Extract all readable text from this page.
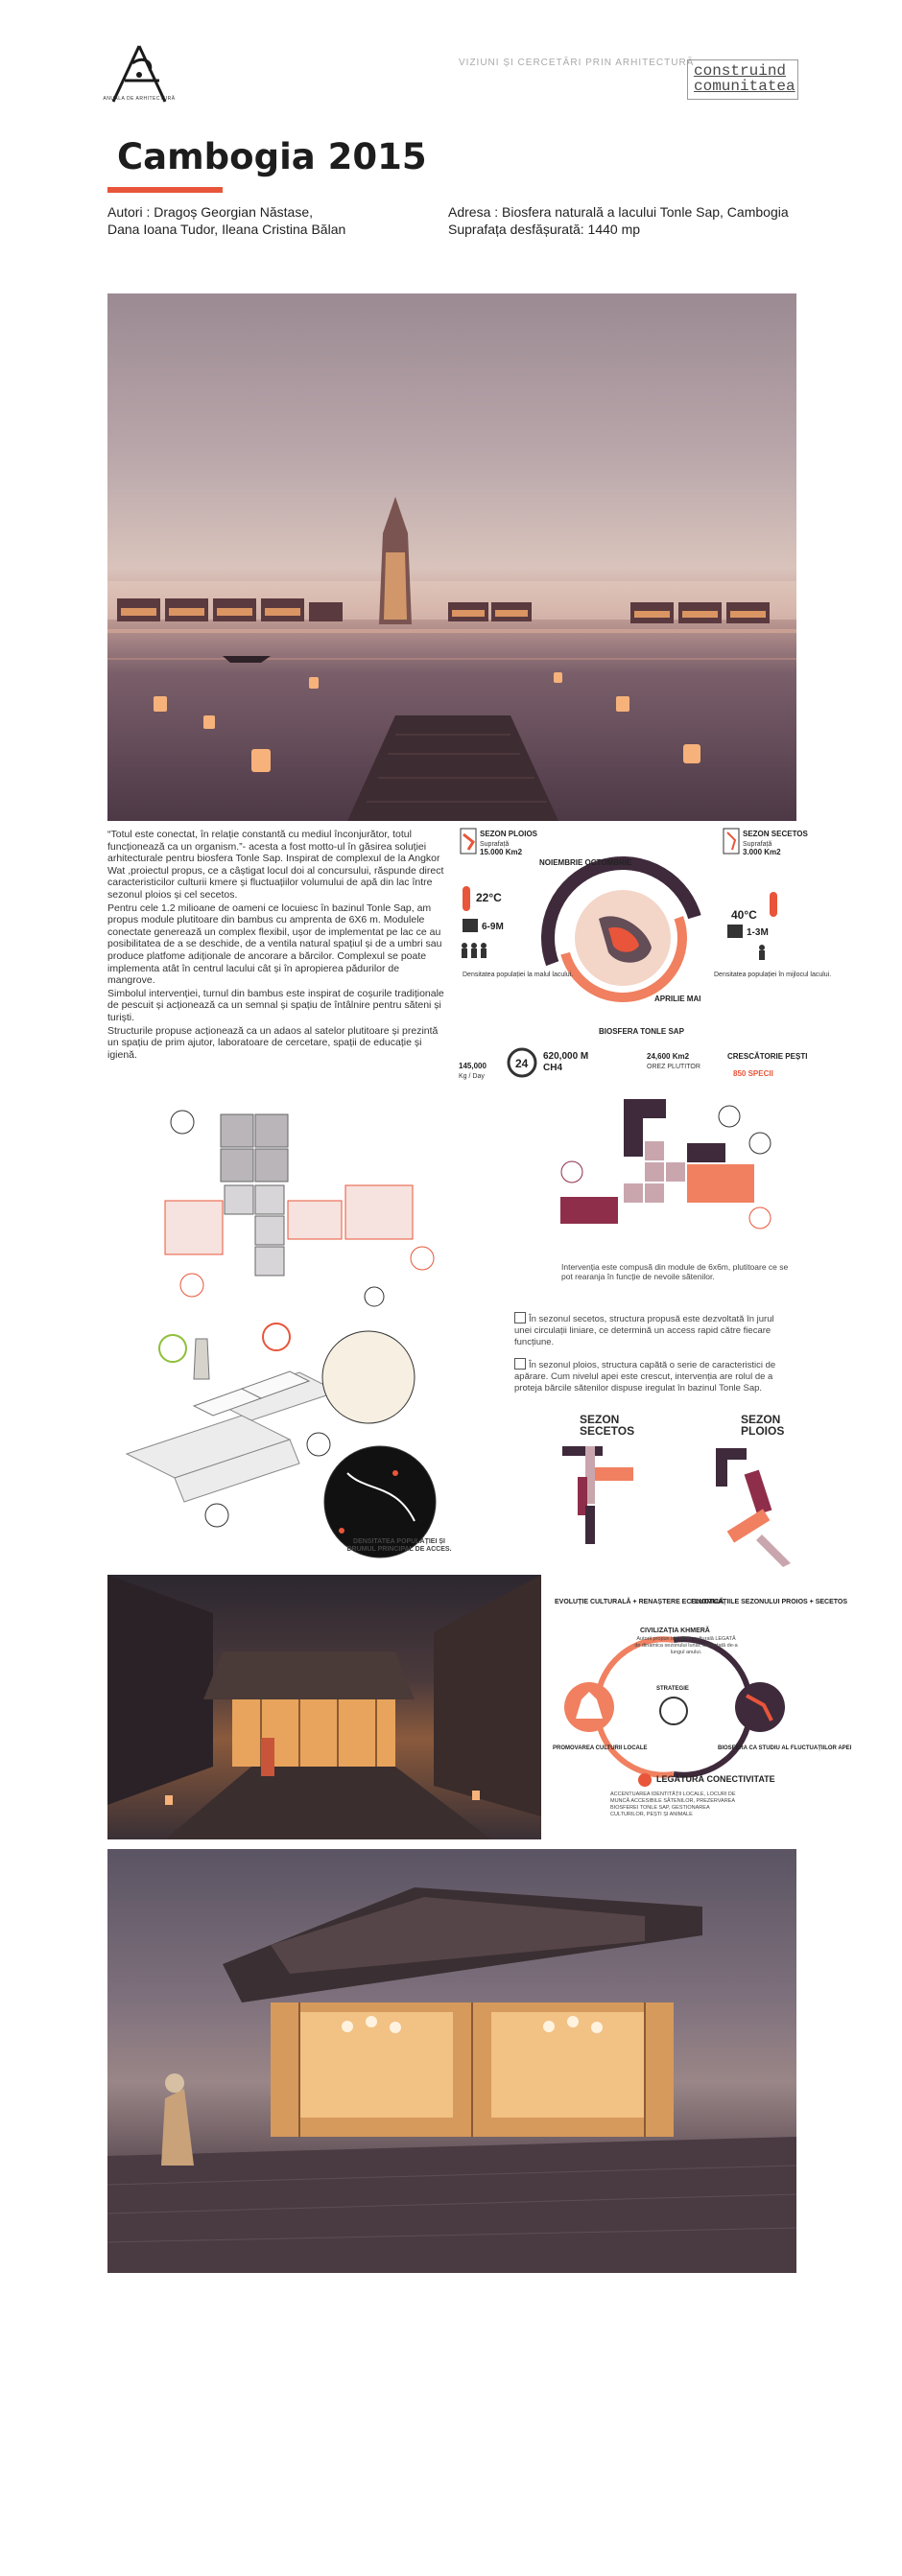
ANUALA DE ARHITECTURĂ
VIZIUNI ȘI CERCETĂRI PRIN ARHITECTURĂ construind
comunitatea
Cambogia 2015
Autori : Dragoș Georgian Năstase,
Dana Ioana Tudor, Ileana Cristina Bălan
Adresa : Biosfera naturală a lacului Tonle Sap, Cambogia
Suprafața desfășurată: 1440 mp

“Totul este conectat, în relație constantă cu mediul înconjurător, totul funcționează ca un organism.”- acesta a fost motto-ul în găsirea soluției arhitecturale pentru biosfera Tonle Sap. Inspirat de complexul de la Angkor Wat ,proiectul propus, ce a câștigat locul doi al concursului, răspunde direct caracteristicilor culturii kmere și fluctuațiilor volumului de apă din lac între sezonul ploios și cel secetos.

Pentru cele 1.2 milioane de oameni ce locuiesc în bazinul Tonle Sap, am propus module plutitoare din bambus cu amprenta de 6X6 m. Modulele conectate generează un complex flexibil, ușor de implementat pe lac ce au posibilitatea de a se deschide, de a ventila natural spațiul și de a umbri sau produce platfome adiționale de ancorare a bărcilor. Complexul se poate implementa atât în centrul lacului cât și în apropierea pădurilor de mangrove.

Simbolul intervenției, turnul din bambus este inspirat de coșurile tradiționale de pescuit și acționează ca un semnal și spațiu de întâlnire pentru săteni și turiști.

Structurile propuse acționează ca un adaos al satelor plutitoare și prezintă un spațiu de prim ajutor, laboratoare de cercetare, spații de educație și igienă.

SEZON PLOIOS
Suprafață
15.000 Km2
SEZON SECETOS
Suprafață
3.000 Km2
NOIEMBRIE OCTOMBRIE
APRILIE MAI
BIOSFERA TONLE SAP
22°C
6-9M
Densitatea populației la malul lacului.
40°C
1-3M
Densitatea populației în mijlocul lacului.
145,000
Kg / Day
24
620,000 M
CH4
24,600 Km2
OREZ PLUTITOR
CRESCĂTORIE PEȘTI
850 SPECII
Intervenția este compusă din module de 6x6m, plutitoare ce se pot rearanja în funcție de nevoile sătenilor.
DENSITATEA POPULAȚIEI ȘI DRUMUL PRINCIPAL DE ACCES.
În sezonul secetos, structura propusă este dezvoltată în jurul unei circulații liniare, ce determină un access rapid către fiecare funcțiune.
În sezonul ploios, structura capătă o serie de caracteristici de apărare. Cum nivelul apei este crescut, intervenția are rolul de a proteja bărcile sătenilor dispuse iregulat în bazinul Tonle Sap.
SEZON
SECETOS
SEZON
PLOIOS
EVOLUȚIE CULTURALĂ + RENAȘTERE ECONOMICĂ
FLUCTUAȚIILE SEZONULUI PROIOS + SECETOS
CIVILIZAȚIA KHMERĂ
STRATEGIE
PROMOVAREA CULTURII LOCALE	BIOSFERA CA STUDIU AL FLUCTUAȚIILOR APEI
LEGĂTURĂ CONECTIVITATE
ACCENTUAREA IDENTITĂȚII LOCALE, LOCURI DE MUNCĂ ACCESIBILE SĂTENILOR, PREZERVAREA BIOSFEREI TONLE SAP, GESTIONAREA CULTURILOR, PEȘTI ȘI ANIMALE
Autorii propun identitate culturală LEGATĂ de dinamica sezonului lunar, conectată de-a lungul anului.
